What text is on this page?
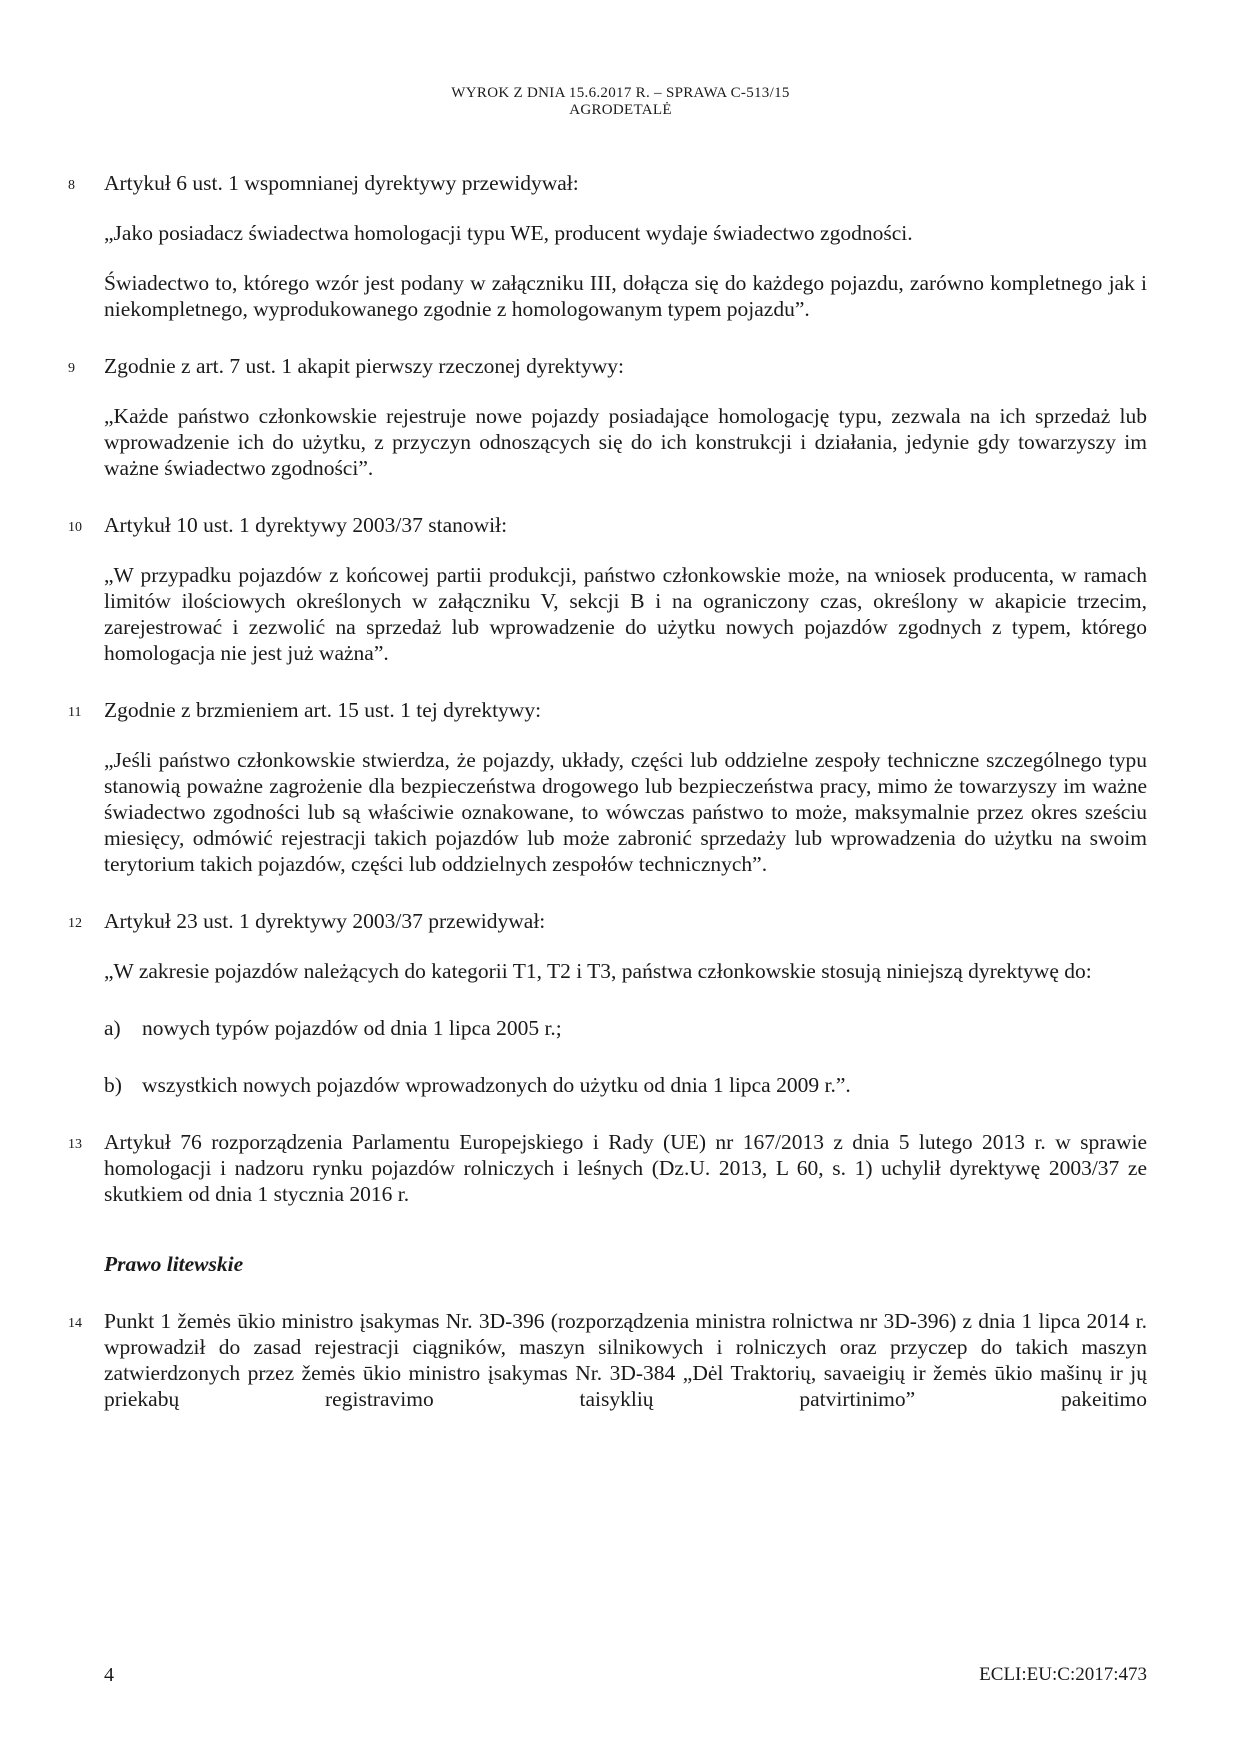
WYROK Z DNIA 15.6.2017 R. – SPRAWA C-513/15
AGRODETALĖ
8	Artykuł 6 ust. 1 wspomnianej dyrektywy przewidywał:
„Jako posiadacz świadectwa homologacji typu WE, producent wydaje świadectwo zgodności.
Świadectwo to, którego wzór jest podany w załączniku III, dołącza się do każdego pojazdu, zarówno kompletnego jak i niekompletnego, wyprodukowanego zgodnie z homologowanym typem pojazdu”.
9	Zgodnie z art. 7 ust. 1 akapit pierwszy rzeczonej dyrektywy:
„Każde państwo członkowskie rejestruje nowe pojazdy posiadające homologację typu, zezwala na ich sprzedaż lub wprowadzenie ich do użytku, z przyczyn odnoszących się do ich konstrukcji i działania, jedynie gdy towarzyszy im ważne świadectwo zgodności”.
10	Artykuł 10 ust. 1 dyrektywy 2003/37 stanowił:
„W przypadku pojazdów z końcowej partii produkcji, państwo członkowskie może, na wniosek producenta, w ramach limitów ilościowych określonych w załączniku V, sekcji B i na ograniczony czas, określony w akapicie trzecim, zarejestrować i zezwolić na sprzedaż lub wprowadzenie do użytku nowych pojazdów zgodnych z typem, którego homologacja nie jest już ważna”.
11	Zgodnie z brzmieniem art. 15 ust. 1 tej dyrektywy:
„Jeśli państwo członkowskie stwierdza, że pojazdy, układy, części lub oddzielne zespoły techniczne szczególnego typu stanowią poważne zagrożenie dla bezpieczeństwa drogowego lub bezpieczeństwa pracy, mimo że towarzyszy im ważne świadectwo zgodności lub są właściwie oznakowane, to wówczas państwo to może, maksymalnie przez okres sześciu miesięcy, odmówić rejestracji takich pojazdów lub może zabronić sprzedaży lub wprowadzenia do użytku na swoim terytorium takich pojazdów, części lub oddzielnych zespołów technicznych”.
12	Artykuł 23 ust. 1 dyrektywy 2003/37 przewidywał:
„W zakresie pojazdów należących do kategorii T1, T2 i T3, państwa członkowskie stosują niniejszą dyrektywę do:
a) nowych typów pojazdów od dnia 1 lipca 2005 r.;
b) wszystkich nowych pojazdów wprowadzonych do użytku od dnia 1 lipca 2009 r.”.
13	Artykuł 76 rozporządzenia Parlamentu Europejskiego i Rady (UE) nr 167/2013 z dnia 5 lutego 2013 r. w sprawie homologacji i nadzoru rynku pojazdów rolniczych i leśnych (Dz.U. 2013, L 60, s. 1) uchylił dyrektywę 2003/37 ze skutkiem od dnia 1 stycznia 2016 r.
Prawo litewskie
14	Punkt 1 žemės ūkio ministro įsakymas Nr. 3D-396 (rozporządzenia ministra rolnictwa nr 3D-396) z dnia 1 lipca 2014 r. wprowadził do zasad rejestracji ciągników, maszyn silnikowych i rolniczych oraz przyczep do takich maszyn zatwierdzonych przez žemės ūkio ministro įsakymas Nr. 3D-384 „Dėl Traktorių, savaeigių ir žemės ūkio mašinų ir jų priekabų registravimo taisyklių patvirtinimo” pakeitimo
4	ECLI:EU:C:2017:473
